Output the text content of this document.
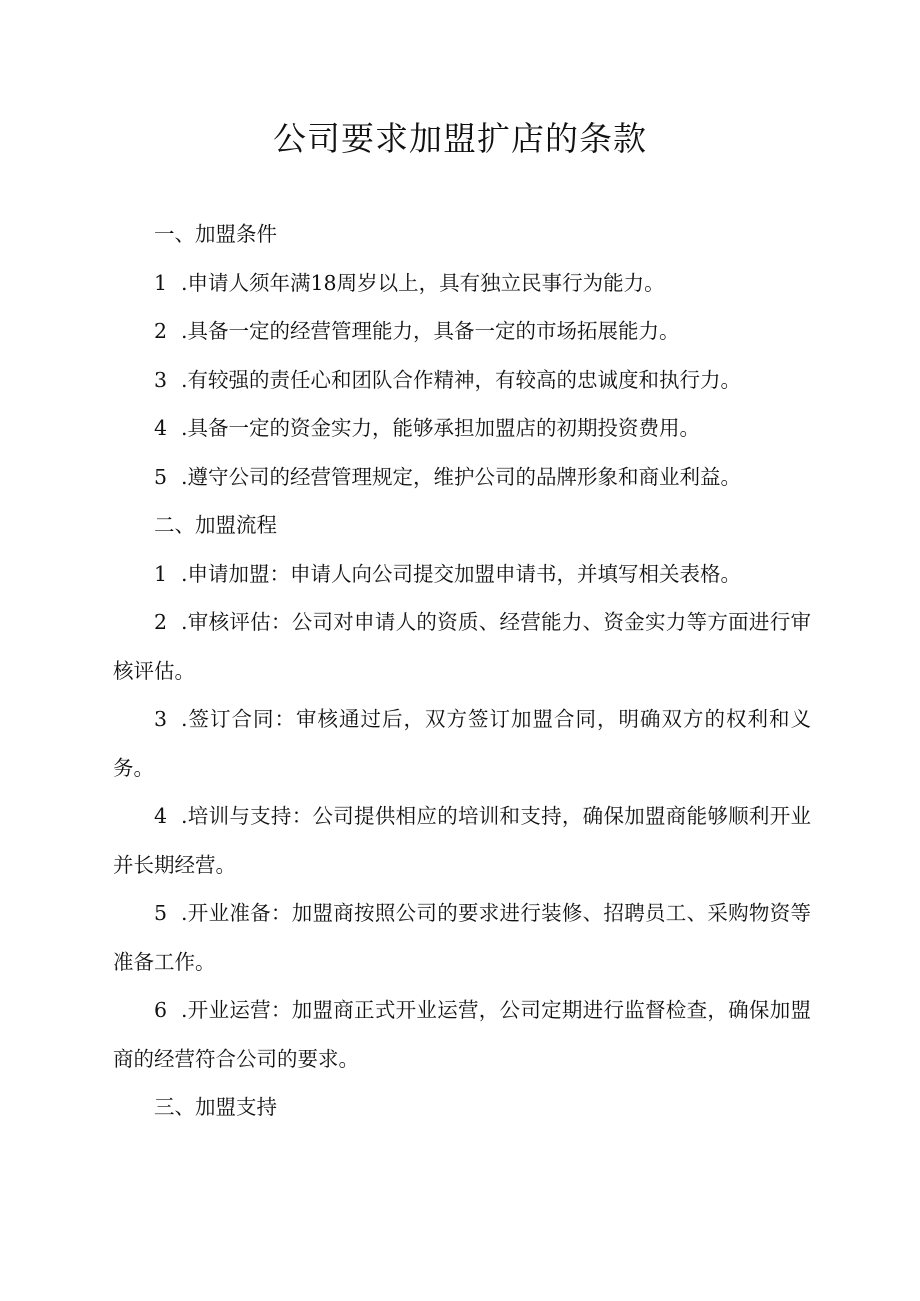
公司要求加盟扩店的条款

一、加盟条件

1 .申请人须年满18周岁以上，具有独立民事行为能力。

2 .具备一定的经营管理能力，具备一定的市场拓展能力。

3 .有较强的责任心和团队合作精神，有较高的忠诚度和执行力。

4 .具备一定的资金实力，能够承担加盟店的初期投资费用。

5 .遵守公司的经营管理规定，维护公司的品牌形象和商业利益。

二、加盟流程

1 .申请加盟：申请人向公司提交加盟申请书，并填写相关表格。

2 .审核评估：公司对申请人的资质、经营能力、资金实力等方面进行审核评估。

3 .签订合同：审核通过后，双方签订加盟合同，明确双方的权利和义务。

4 .培训与支持：公司提供相应的培训和支持，确保加盟商能够顺利开业并长期经营。

5 .开业准备：加盟商按照公司的要求进行装修、招聘员工、采购物资等准备工作。

6 .开业运营：加盟商正式开业运营，公司定期进行监督检查，确保加盟商的经营符合公司的要求。

三、加盟支持
